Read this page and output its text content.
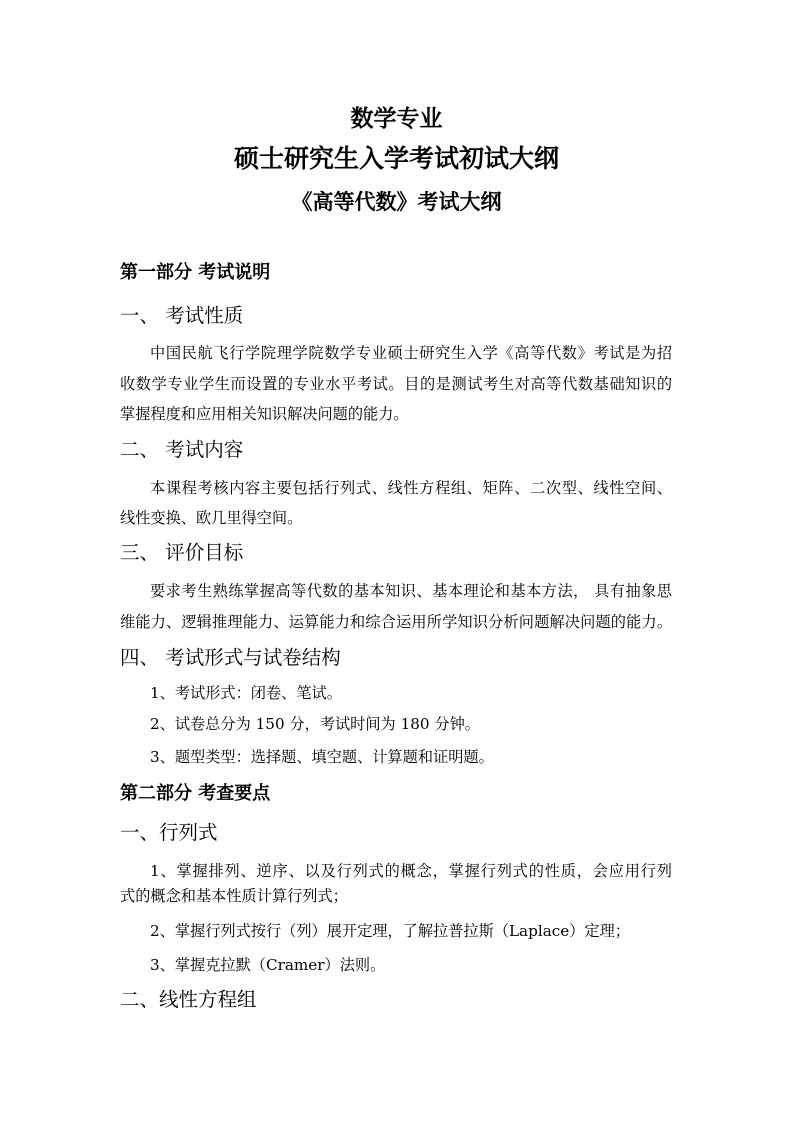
数学专业
硕士研究生入学考试初试大纲
《高等代数》考试大纲
第一部分 考试说明
一、 考试性质
中国民航飞行学院理学院数学专业硕士研究生入学《高等代数》考试是为招
收数学专业学生而设置的专业水平考试。目的是测试考生对高等代数基础知识的
掌握程度和应用相关知识解决问题的能力。
二、 考试内容
本课程考核内容主要包括行列式、线性方程组、矩阵、二次型、线性空间、
线性变换、欧几里得空间。
三、 评价目标
要求考生熟练掌握高等代数的基本知识、基本理论和基本方法， 具有抽象思
维能力、逻辑推理能力、运算能力和综合运用所学知识分析问题解决问题的能力。
四、 考试形式与试卷结构
1、考试形式：闭卷、笔试。
2、试卷总分为 150 分，考试时间为 180 分钟。
3、题型类型：选择题、填空题、计算题和证明题。
第二部分 考查要点
一、行列式
1、掌握排列、逆序、以及行列式的概念，掌握行列式的性质，会应用行列
式的概念和基本性质计算行列式；
2、掌握行列式按行（列）展开定理，了解拉普拉斯（Laplace）定理；
3、掌握克拉默（Cramer）法则。
二、线性方程组
